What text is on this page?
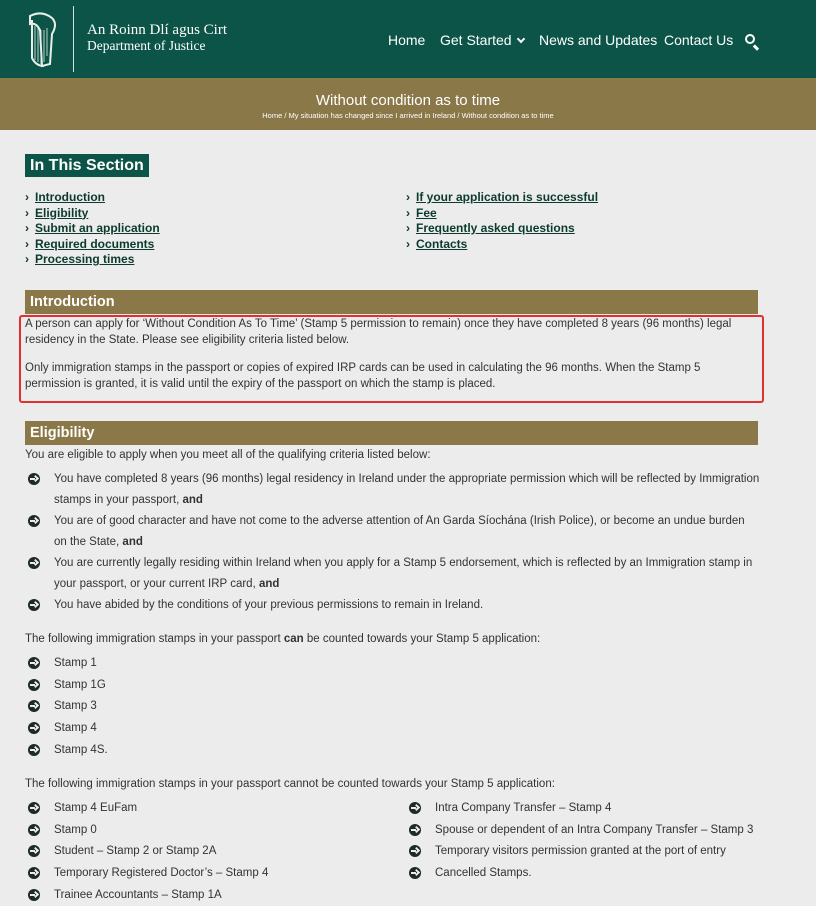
An Roinn Dlí agus Cirt
Department of Justice	Home Get Started	News and Updates Contact Us
Without condition as to time
Home / My situation has changed since I arrived in Ireland / Without condition as to time
In This Section
› Introduction
› Eligibility
› Submit an application
› Required documents
› Processing times
› If your application is successful
› Fee
› Frequently asked questions
› Contacts
Introduction
A person can apply for ‘Without Condition As To Time’ (Stamp 5 permission to remain) once they have completed 8 years (96 months) legal residency in the State. Please see eligibility criteria listed below.
Only immigration stamps in the passport or copies of expired IRP cards can be used in calculating the 96 months. When the Stamp 5 permission is granted, it is valid until the expiry of the passport on which the stamp is placed.
Eligibility
You are eligible to apply when you meet all of the qualifying criteria listed below:
You have completed 8 years (96 months) legal residency in Ireland under the appropriate permission which will be reflected by Immigration stamps in your passport, and
You are of good character and have not come to the adverse attention of An Garda Síochána (Irish Police), or become an undue burden on the State, and
You are currently legally residing within Ireland when you apply for a Stamp 5 endorsement, which is reflected by an Immigration stamp in your passport, or your current IRP card, and
You have abided by the conditions of your previous permissions to remain in Ireland.
The following immigration stamps in your passport can be counted towards your Stamp 5 application:
Stamp 1
Stamp 1G
Stamp 3
Stamp 4
Stamp 4S.
The following immigration stamps in your passport cannot be counted towards your Stamp 5 application:
Stamp 4 EuFam
Stamp 0
Student – Stamp 2 or Stamp 2A
Temporary Registered Doctor’s – Stamp 4
Trainee Accountants – Stamp 1A
Intra Company Transfer – Stamp 4
Spouse or dependent of an Intra Company Transfer – Stamp 3
Temporary visitors permission granted at the port of entry
Cancelled Stamps.
